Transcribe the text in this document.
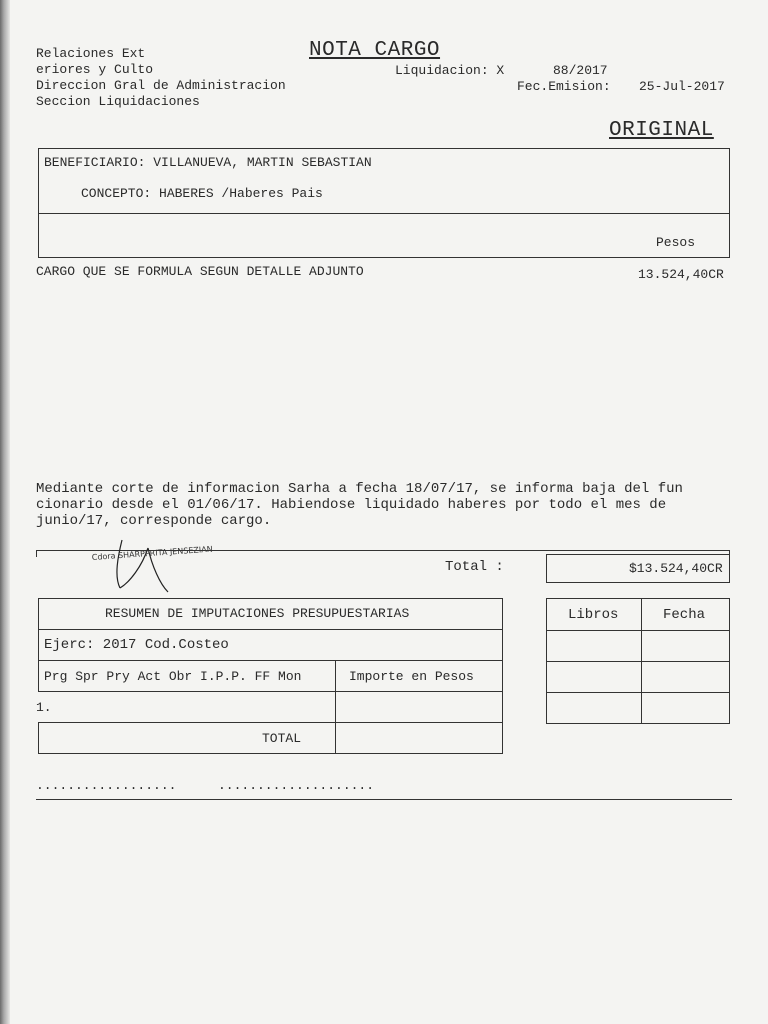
Relaciones Ext
eriores y Culto
Direccion Gral de Administracion
Seccion Liquidaciones
NOTA CARGO
Liquidacion: X	88/2017
Fec.Emision: 25-Jul-2017
ORIGINAL
BENEFICIARIO: VILLANUEVA, MARTIN SEBASTIAN
CONCEPTO: HABERES /Haberes Pais
Pesos
CARGO QUE SE FORMULA SEGUN DETALLE ADJUNTO	13.524,40CR
Mediante corte de informacion Sarha a fecha 18/07/17, se informa baja del fun
cionario desde el 01/06/17. Habiendose liquidado haberes por todo el mes de
junio/17, corresponde cargo.
Total :	$13.524,40CR
Cdora SHARPPRITA JENSEZIAN
RESUMEN DE IMPUTACIONES PRESUPUESTARIAS
Ejerc: 2017 Cod.Costeo
Prg Spr Pry Act Obr I.P.P. FF Mon	Importe en Pesos
1.
TOTAL
Libros	Fecha
..................	....................
